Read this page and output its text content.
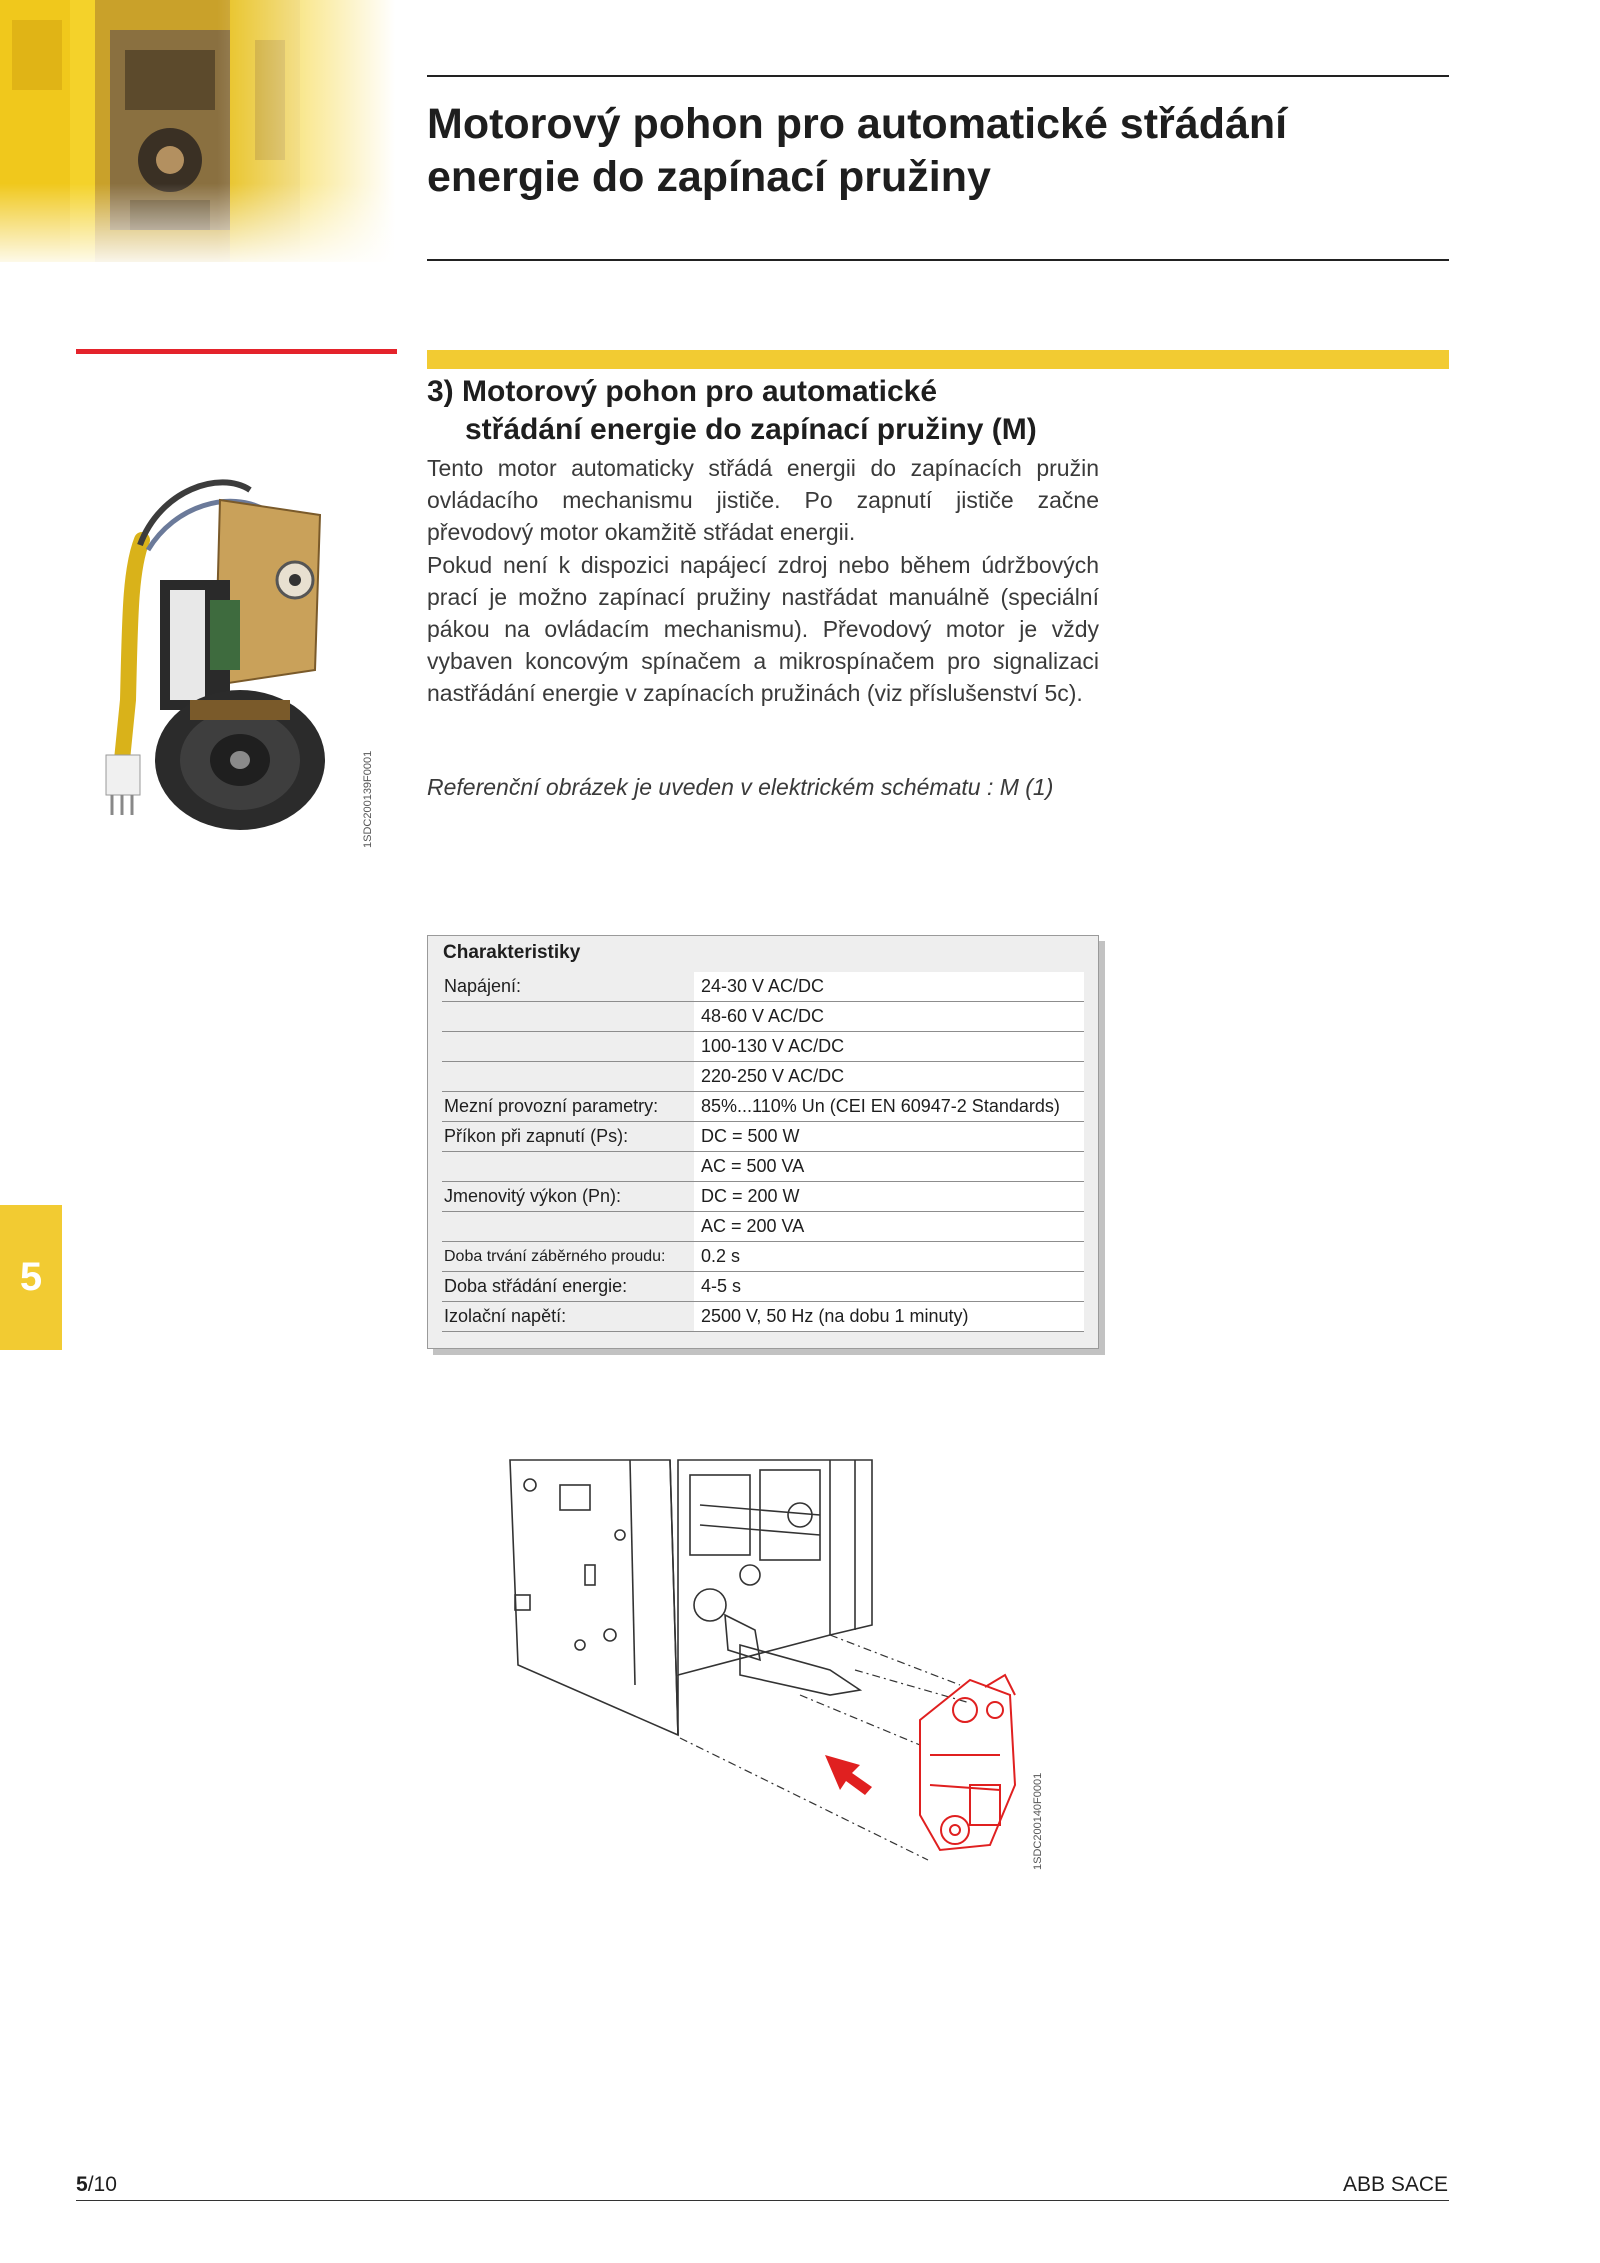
Motorový pohon pro automatické střádání energie do zapínací pružiny
3) Motorový pohon pro automatické
střádání energie do zapínací pružiny (M)

Tento motor automaticky střádá energii do zapínacích pružin ovládacího mechanismu jističe. Po zapnutí jističe začne převodový motor okamžitě střádat energii.

Pokud není k dispozici napájecí zdroj nebo během údržbových prací je možno zapínací pružiny nastřádat manuálně (speciální pákou na ovládacím mechanismu). Převodový motor je vždy vybaven koncovým spínačem a mikrospínačem pro signalizaci nastřádání energie v zapínacích pružinách (viz příslušenství 5c).

Referenční obrázek je uveden v elektrickém schématu : M (1)
1SDC200139F0001
Charakteristiky
Napájení:	24-30 V AC/DC
	48-60 V AC/DC
	100-130 V AC/DC
	220-250 V AC/DC
Mezní provozní parametry:	85%...110% Un (CEI EN 60947-2 Standards)
Příkon při zapnutí (Ps):	DC = 500 W
	AC = 500 VA
Jmenovitý výkon (Pn):	DC = 200 W
	AC = 200 VA
Doba trvání záběrného proudu:	0.2 s
Doba střádání energie:	4-5 s
Izolační napětí:	2500 V, 50 Hz (na dobu 1 minuty)
5
1SDC200140F0001
5/10	ABB SACE
